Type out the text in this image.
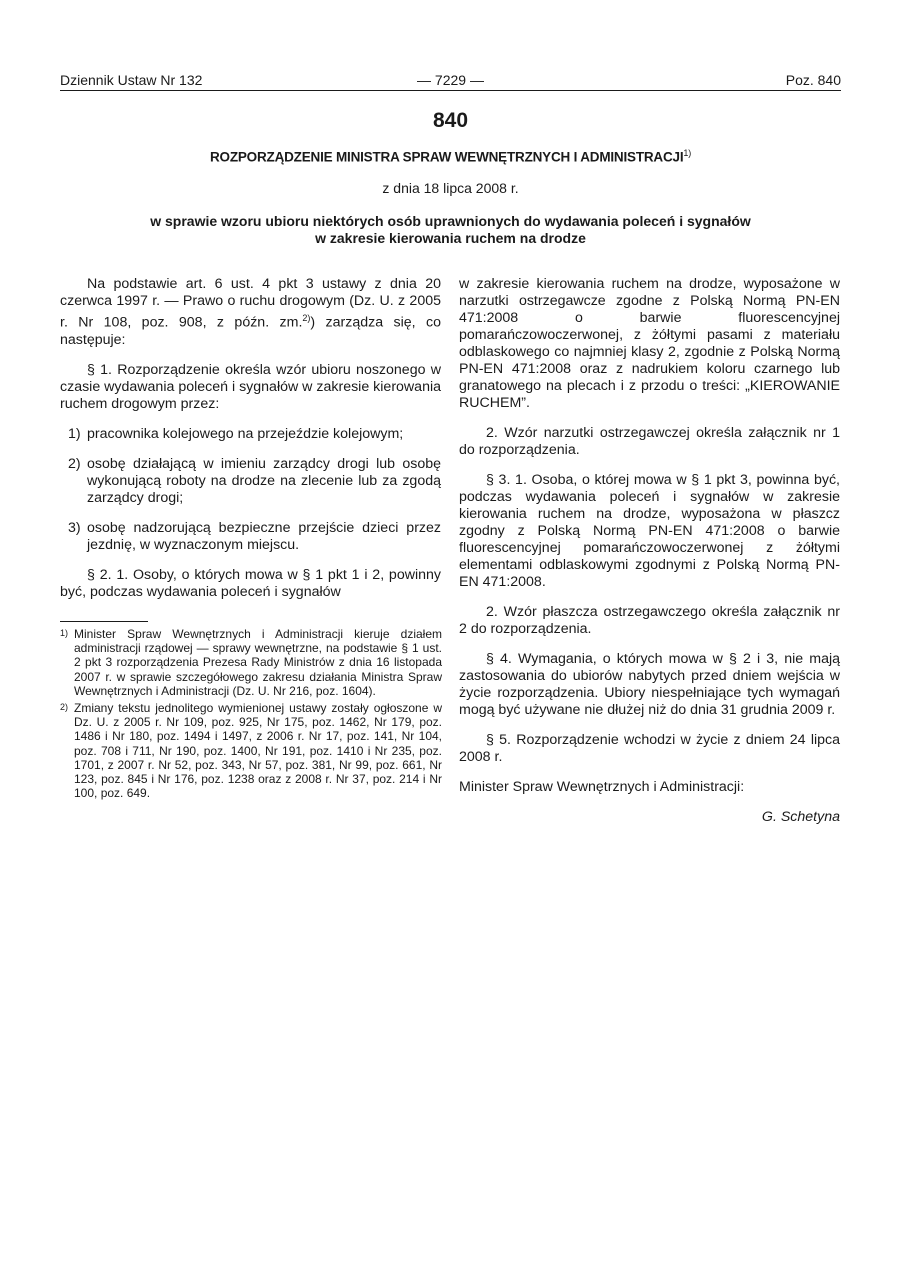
— 7229 —
Dziennik Ustaw Nr 132	Poz. 840
840
ROZPORZĄDZENIE MINISTRA SPRAW WEWNĘTRZNYCH I ADMINISTRACJI$^{1)}$
z dnia 18 lipca 2008 r.
w sprawie wzoru ubioru niektórych osób uprawnionych do wydawania poleceń i sygnałów
w zakresie kierowania ruchem na drodze

Na podstawie art. 6 ust. 4 pkt 3 ustawy z dnia 20 czerwca 1997 r. — Prawo o ruchu drogowym (Dz. U. z 2005 r. Nr 108, poz. 908, z późn. zm.$^{2)}$) zarządza się, co następuje:

§ 1. Rozporządzenie określa wzór ubioru noszonego w czasie wydawania poleceń i sygnałów w zakresie kierowania ruchem drogowym przez:

1) pracownika kolejowego na przejeździe kolejowym;
2) osobę działającą w imieniu zarządcy drogi lub osobę wykonującą roboty na drodze na zlecenie lub za zgodą zarządcy drogi;
3) osobę nadzorującą bezpieczne przejście dzieci przez jezdnię, w wyznaczonym miejscu.

§ 2. 1. Osoby, o których mowa w § 1 pkt 1 i 2, powinny być, podczas wydawania poleceń i sygnałów

1) Minister Spraw Wewnętrznych i Administracji kieruje działem administracji rządowej — sprawy wewnętrzne, na podstawie § 1 ust. 2 pkt 3 rozporządzenia Prezesa Rady Ministrów z dnia 16 listopada 2007 r. w sprawie szczegółowego zakresu działania Ministra Spraw Wewnętrznych i Administracji (Dz. U. Nr 216, poz. 1604).
2) Zmiany tekstu jednolitego wymienionej ustawy zostały ogłoszone w Dz. U. z 2005 r. Nr 109, poz. 925, Nr 175, poz. 1462, Nr 179, poz. 1486 i Nr 180, poz. 1494 i 1497, z 2006 r. Nr 17, poz. 141, Nr 104, poz. 708 i 711, Nr 190, poz. 1400, Nr 191, poz. 1410 i Nr 235, poz. 1701, z 2007 r. Nr 52, poz. 343, Nr 57, poz. 381, Nr 99, poz. 661, Nr 123, poz. 845 i Nr 176, poz. 1238 oraz z 2008 r. Nr 37, poz. 214 i Nr 100, poz. 649.

w zakresie kierowania ruchem na drodze, wyposażone w narzutki ostrzegawcze zgodne z Polską Normą PN-EN 471:2008 o barwie fluorescencyjnej pomarańczowoczerwonej, z żółtymi pasami z materiału odblaskowego co najmniej klasy 2, zgodnie z Polską Normą PN-EN 471:2008 oraz z nadrukiem koloru czarnego lub granatowego na plecach i z przodu o treści: „KIEROWANIE RUCHEM”.

2. Wzór narzutki ostrzegawczej określa załącznik nr 1 do rozporządzenia.

§ 3. 1. Osoba, o której mowa w § 1 pkt 3, powinna być, podczas wydawania poleceń i sygnałów w zakresie kierowania ruchem na drodze, wyposażona w płaszcz zgodny z Polską Normą PN-EN 471:2008 o barwie fluorescencyjnej pomarańczowoczerwonej z żółtymi elementami odblaskowymi zgodnymi z Polską Normą PN-EN 471:2008.

2. Wzór płaszcza ostrzegawczego określa załącznik nr 2 do rozporządzenia.

§ 4. Wymagania, o których mowa w § 2 i 3, nie mają zastosowania do ubiorów nabytych przed dniem wejścia w życie rozporządzenia. Ubiory niespełniające tych wymagań mogą być używane nie dłużej niż do dnia 31 grudnia 2009 r.

§ 5. Rozporządzenie wchodzi w życie z dniem 24 lipca 2008 r.

Minister Spraw Wewnętrznych i Administracji:

G. Schetyna
